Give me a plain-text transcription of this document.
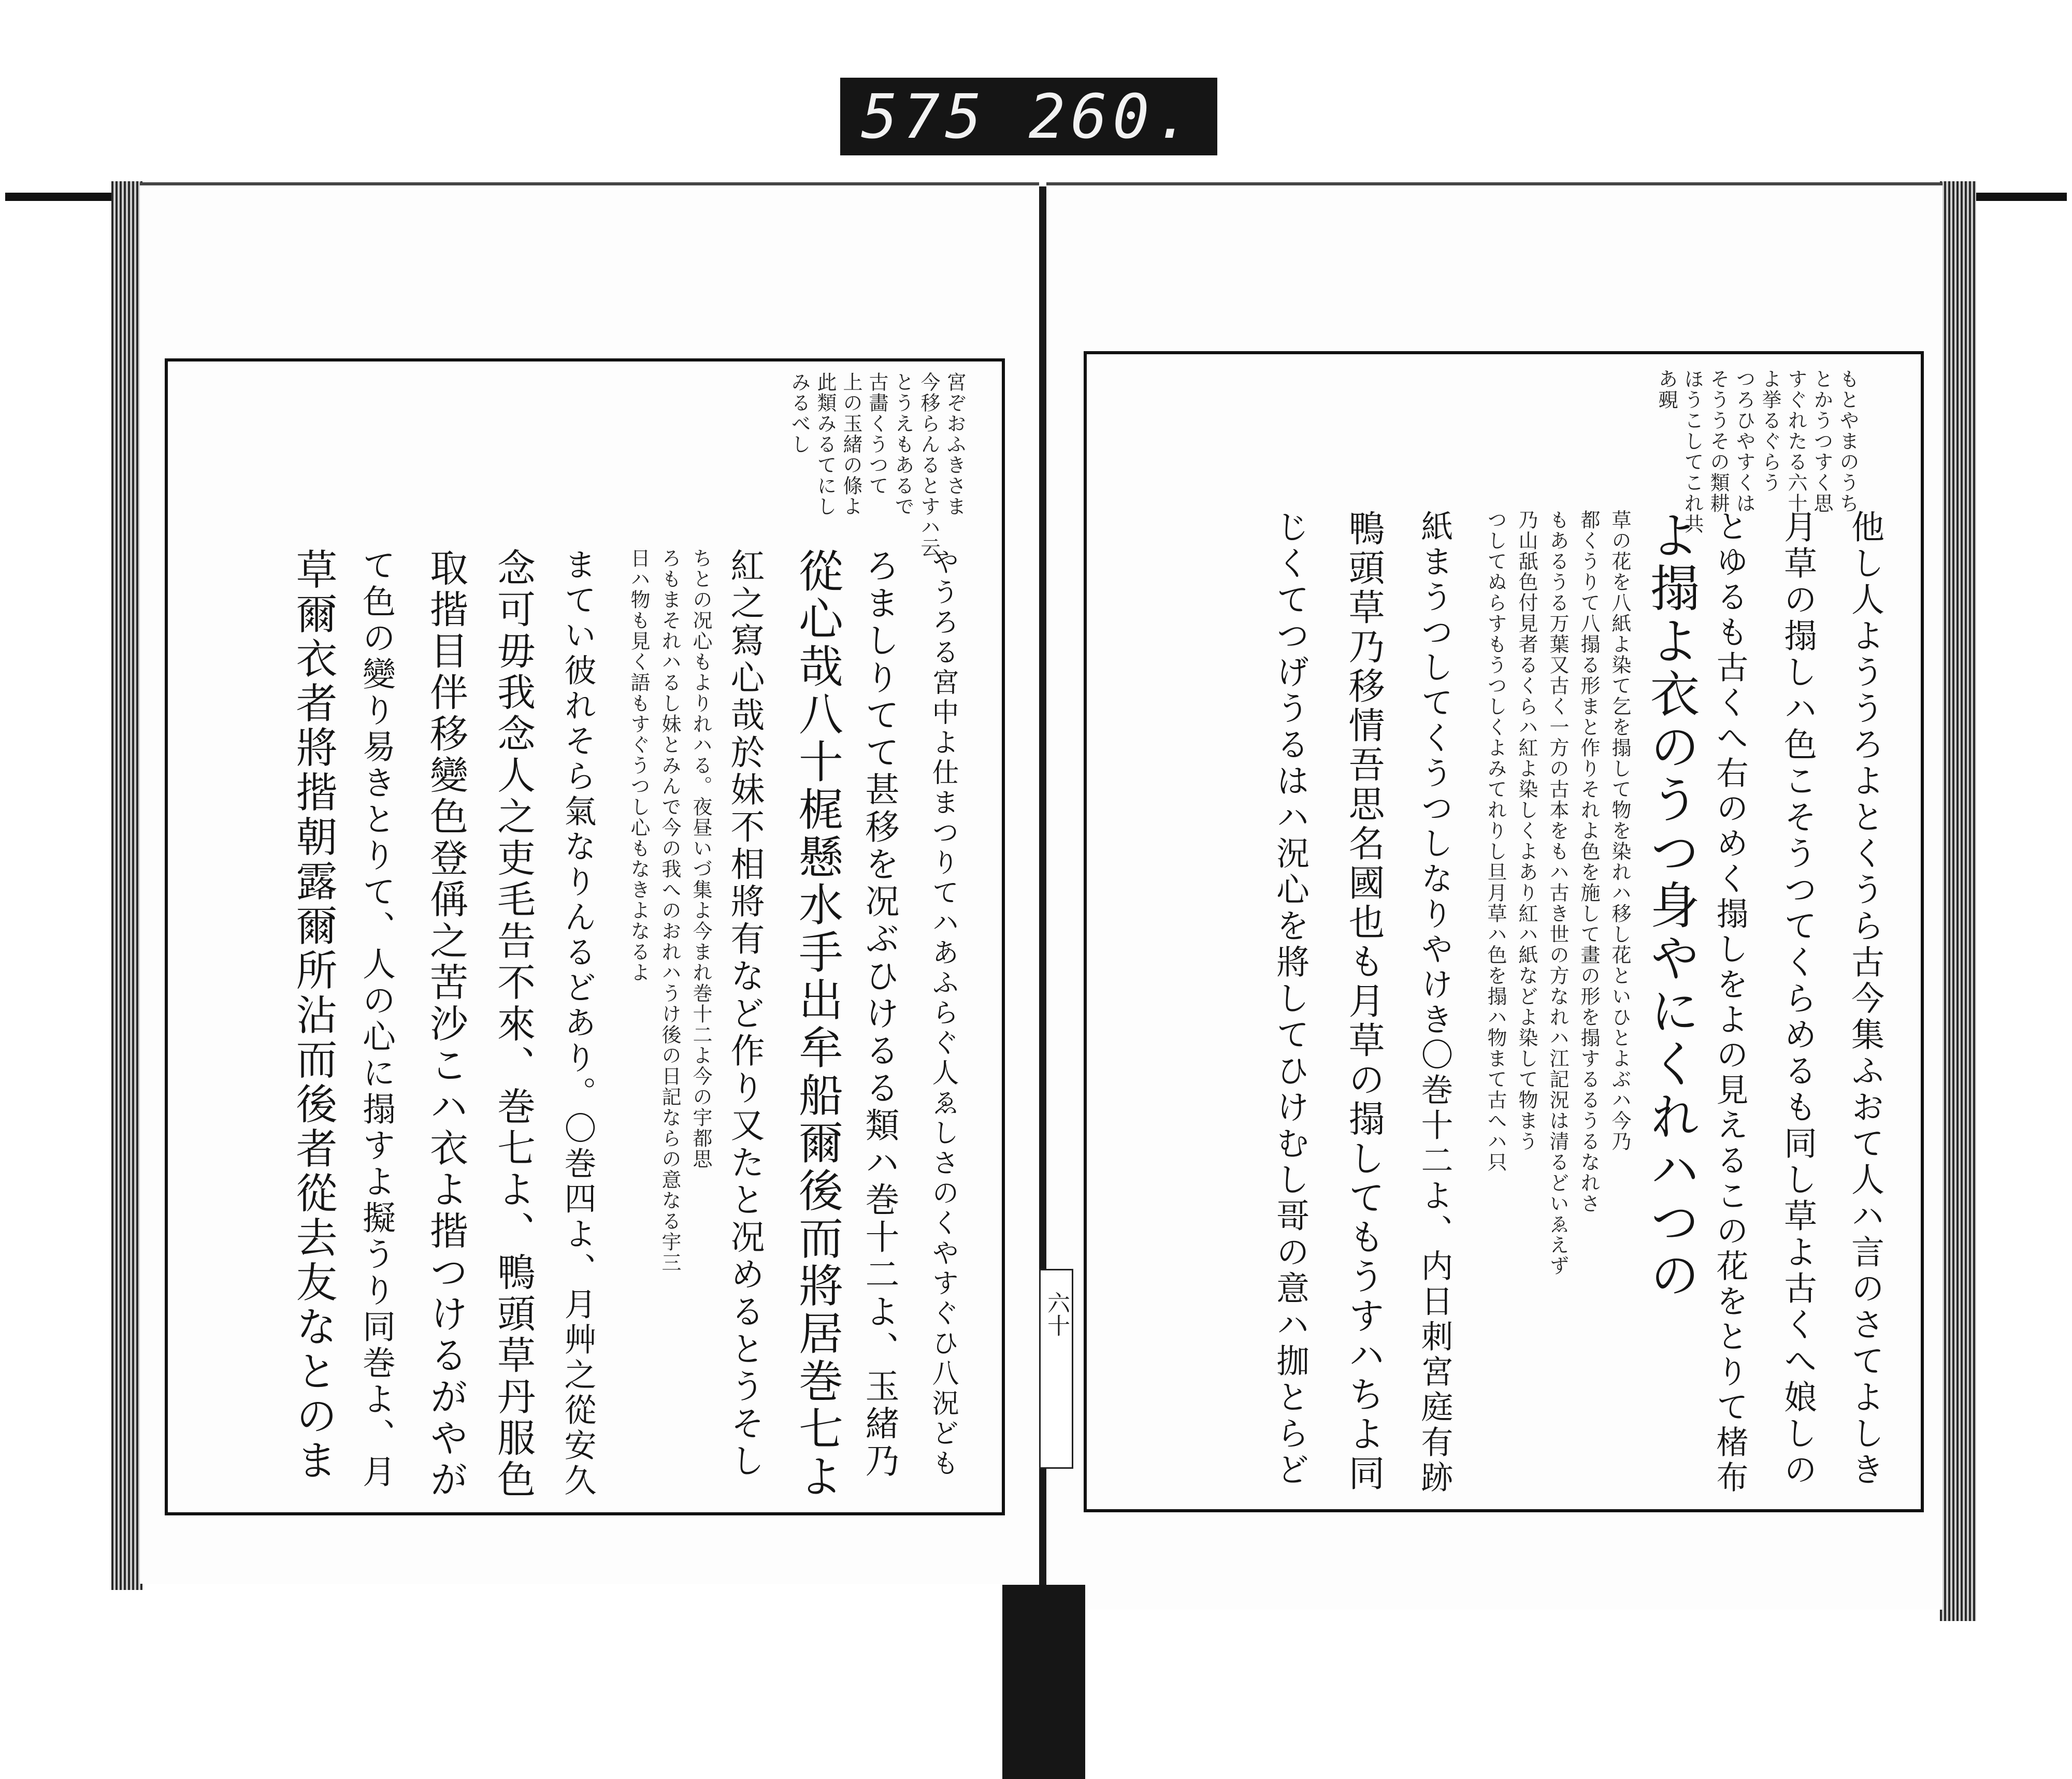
575 260.
六十
もとやまのうち
とかうつすく思
すぐれたる六十
よ挙るぐらう
つろひやすくは
そううその類耕
ほうこしてこれ共
あ覡
他し人よううろよとくうら古今集ふおて人ハ言のさてよしき
月草の搨しハ色こそうつてくらめるも同し草よ古くへ娘しの
とゆるも古くへ右のめく搨しをよの見えるこの花をとりて楮布
よ搨よ衣のうつ身やにくれハつの
草の花を八紙よ染て乞を搨して物を染れハ移し花といひとよぶハ今乃
都くうりて八搨る形まと作りそれよ色を施して畫の形を搨するるうるなれさ
もあるうる万葉又古く一方の古本をもハ古き世の方なれハ江記況は清るどいゑえず
乃山舐色付見者るくらハ紅よ染しくよあり紅ハ紙などよ染して物まう
つしてぬらすもうつしくよみてれりし旦月草ハ色を搨ハ物まて古へハ只
紙まうつしてくうつしなりやけき〇巻十二よ、内日刺宮庭有跡
鴨頭草乃移情吾思名國也も月草の搨してもうすハちよ同
じくてつげうるはハ況心を將してひけむし哥の意ハ拁とらど
宮ぞおふきさま
今移らんるとすハ云
とうえもあるで
古畵くうつて
上の玉緒の條よ
此類みるてにし
みるべし
やうろる宮中よ仕まつりてハあふらぐ人ゑしさのくやすぐひ八況ども
ろましりてて甚移を况ぶひけるる類ハ巻十二よ、玉緒乃
從心哉八十梶懸水手出牟船爾後而將居巻七よ
紅之寫心哉於妹不相將有など作り又たと况めるとうそし
ちとの况心もよりれハる。夜昼いづ集よ今まれ巻十二よ今の宇都思
ろもまそれハるし妹とみんで今の我へのおれハうけ後の日記ならの意なる宇三
日ハ物も見く語もすぐうつし心もなきよなるよ
まてい彼れそら氣なりんるどあり。〇巻四よ、月艸之從安久
念可毋我念人之吏毛告不來、巻七よ、鴨頭草丹服色
取揩目伴移變色登偁之苦沙こハ衣よ揩つけるがやが
て色の變り易きとりて、人の心に搨すよ擬うり同巻よ、月
草爾衣者將揩朝露爾所沾而後者從去友なとのま
